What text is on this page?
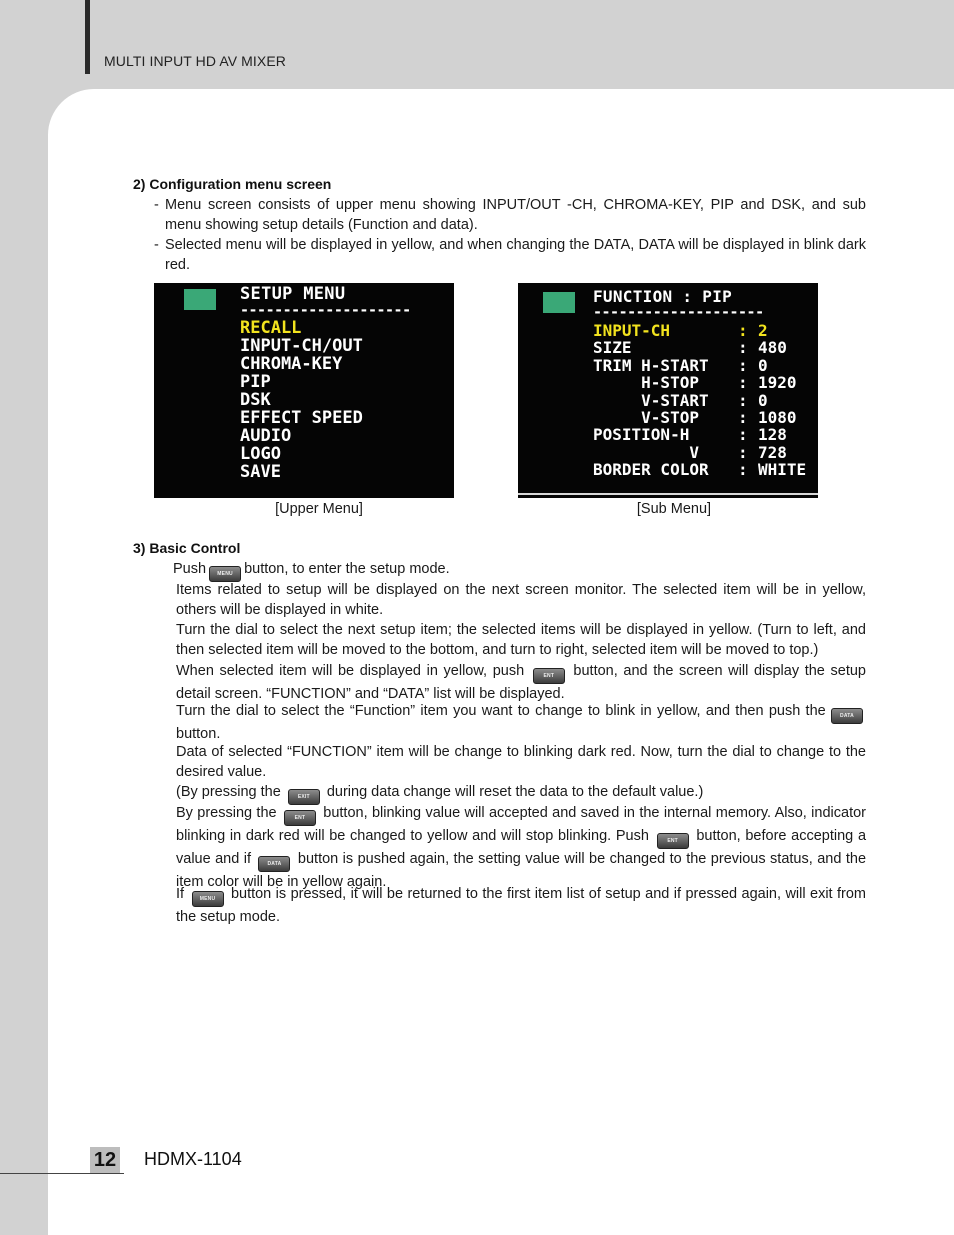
MULTI INPUT HD AV MIXER
2) Configuration menu screen
- Menu screen consists of upper menu showing INPUT/OUT -CH, CHROMA-KEY, PIP and DSK, and sub menu showing setup details (Function and data).
- Selected menu will be displayed in yellow, and when changing the DATA, DATA will be displayed in blink dark red.
SETUP MENU
--------------------
RECALL
INPUT-CH/OUT
CHROMA-KEY
PIP
DSK
EFFECT SPEED
AUDIO
LOGO
SAVE
[Upper Menu]
FUNCTION : PIP
--------------------
INPUT-CH	: 2
SIZE	: 480
TRIM H-START : 0
H-STOP : 1920
V-START : 0
V-STOP : 1080
POSITION-H	: 128
V : 728
BORDER COLOR : WHITE
[Sub Menu]
3) Basic Control
Push MENU button, to enter the setup mode.
Items related to setup will be displayed on the next screen monitor. The selected item will be in yellow, others will be displayed in white.
Turn the dial to select the next setup item; the selected items will be displayed in yellow. (Turn to left, and then selected item will be moved to the bottom, and turn to right, selected item will be moved to top.)
When selected item will be displayed in yellow, push	ENT button, and the screen will display the setup detail screen. “FUNCTION” and “DATA” list will be displayed.
Turn the dial to select the “Function” item you want to change to blink in yellow, and then push the	DATA button.
Data of selected “FUNCTION” item will be change to blinking dark red. Now, turn the dial to change to the desired value.
(By pressing the	EXIT during data change will reset the data to the default value.)
By pressing the	ENT button, blinking value will accepted and saved in the internal memory. Also, indicator blinking in dark red will be changed to yellow and will stop blinking. Push	ENT button, before accepting a value and if	DATA button is pushed again, the setting value will be changed to the previous status, and the item color will be in yellow again.
If	MENU button is pressed, it will be returned to the first item list of setup and if pressed again, will exit from the setup mode.
12 HDMX-1104
